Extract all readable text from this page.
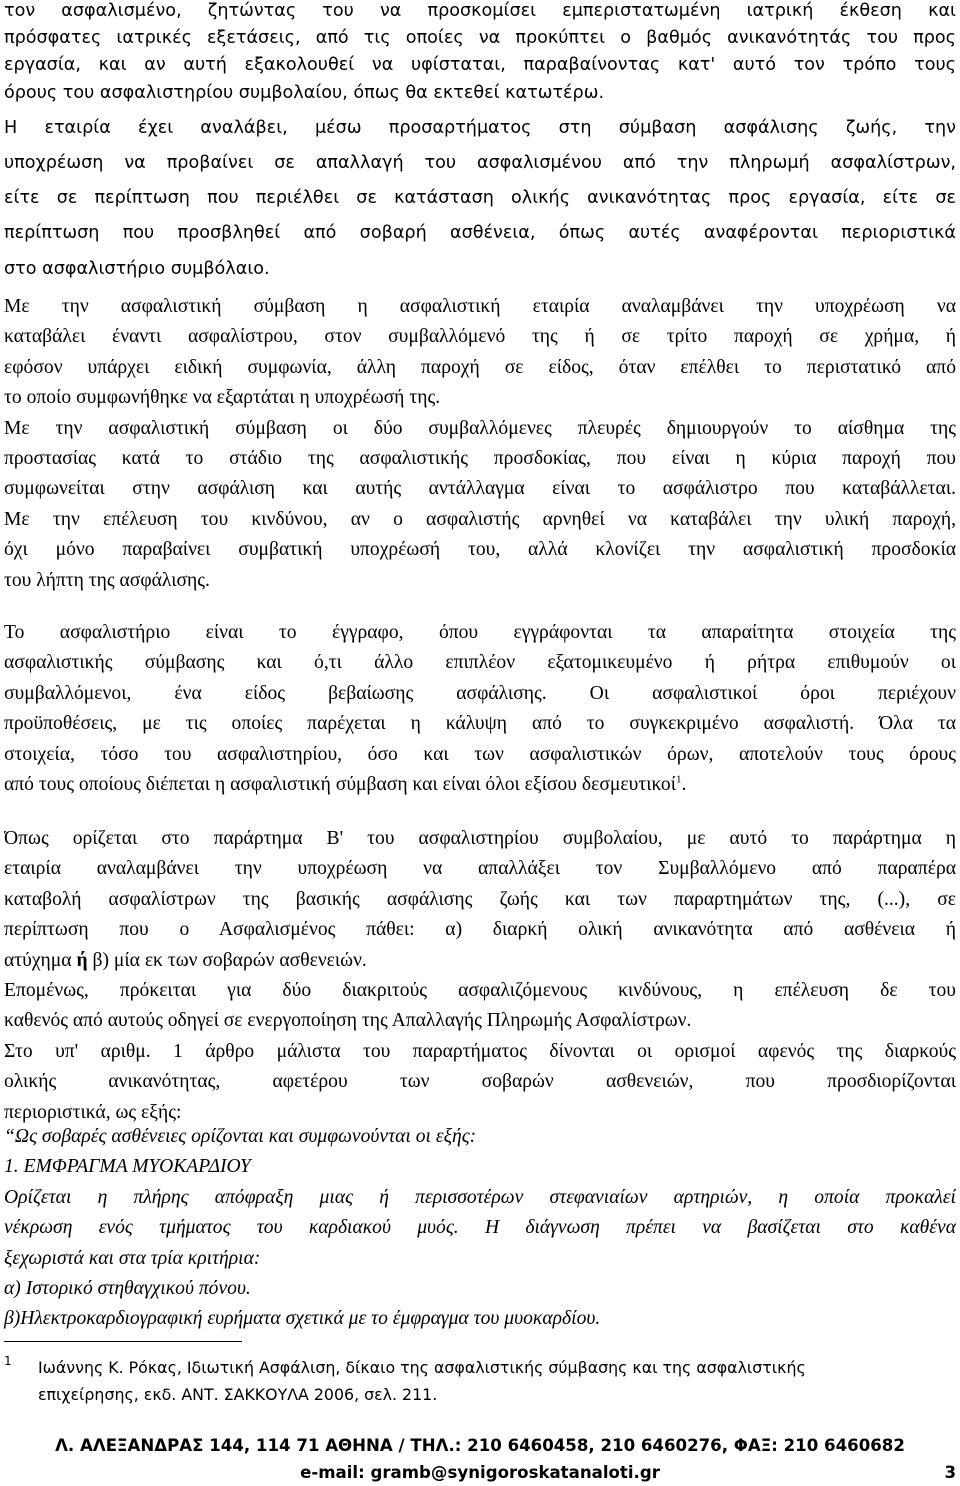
τον ασφαλισμένο, ζητώντας του να προσκομίσει εμπεριστατωμένη ιατρική έκθεση και
πρόσφατες ιατρικές εξετάσεις, από τις οποίες να προκύπτει ο βαθμός ανικανότητάς του προς
εργασία, και αν αυτή εξακολουθεί να υφίσταται, παραβαίνοντας κατ' αυτό τον τρόπο τους
όρους του ασφαλιστηρίου συμβολαίου, όπως θα εκτεθεί κατωτέρω.
Η εταιρία έχει αναλάβει, μέσω προσαρτήματος στη σύμβαση ασφάλισης ζωής, την
υποχρέωση να προβαίνει σε απαλλαγή του ασφαλισμένου από την πληρωμή ασφαλίστρων,
είτε σε περίπτωση που περιέλθει σε κατάσταση ολικής ανικανότητας προς εργασία, είτε σε
περίπτωση που προσβληθεί από σοβαρή ασθένεια, όπως αυτές αναφέρονται περιοριστικά
στο ασφαλιστήριο συμβόλαιο.
Με την ασφαλιστική σύμβαση η ασφαλιστική εταιρία αναλαμβάνει την υποχρέωση να
καταβάλει έναντι ασφαλίστρου, στον συμβαλλόμενό της ή σε τρίτο παροχή σε χρήμα, ή
εφόσον υπάρχει ειδική συμφωνία, άλλη παροχή σε είδος, όταν επέλθει το περιστατικό από
το οποίο συμφωνήθηκε να εξαρτάται η υποχρέωσή της.
Με την ασφαλιστική σύμβαση οι δύο συμβαλλόμενες πλευρές δημιουργούν το αίσθημα της
προστασίας κατά το στάδιο της ασφαλιστικής προσδοκίας, που είναι η κύρια παροχή που
συμφωνείται στην ασφάλιση και αυτής αντάλλαγμα είναι το ασφάλιστρο που καταβάλλεται.
Με την επέλευση του κινδύνου, αν ο ασφαλιστής αρνηθεί να καταβάλει την υλική παροχή,
όχι μόνο παραβαίνει συμβατική υποχρέωσή του, αλλά κλονίζει την ασφαλιστική προσδοκία
του λήπτη της ασφάλισης.
Το ασφαλιστήριο είναι το έγγραφο, όπου εγγράφονται τα απαραίτητα στοιχεία της
ασφαλιστικής σύμβασης και ό,τι άλλο επιπλέον εξατομικευμένο ή ρήτρα επιθυμούν οι
συμβαλλόμενοι, ένα είδος βεβαίωσης ασφάλισης. Οι ασφαλιστικοί όροι περιέχουν
προϋποθέσεις, με τις οποίες παρέχεται η κάλυψη από το συγκεκριμένο ασφαλιστή. Όλα τα
στοιχεία, τόσο του ασφαλιστηρίου, όσο και των ασφαλιστικών όρων, αποτελούν τους όρους
από τους οποίους διέπεται η ασφαλιστική σύμβαση και είναι όλοι εξίσου δεσμευτικοί$^1$.
Όπως ορίζεται στο παράρτημα Β' του ασφαλιστηρίου συμβολαίου, με αυτό το παράρτημα η
εταιρία αναλαμβάνει την υποχρέωση να απαλλάξει τον Συμβαλλόμενο από παραπέρα
καταβολή ασφαλίστρων της βασικής ασφάλισης ζωής και των παραρτημάτων της, (...), σε
περίπτωση που ο Ασφαλισμένος πάθει: α) διαρκή ολική ανικανότητα από ασθένεια ή
ατύχημα ή β) μία εκ των σοβαρών ασθενειών.
Επομένως, πρόκειται για δύο διακριτούς ασφαλιζόμενους κινδύνους, η επέλευση δε του
καθενός από αυτούς οδηγεί σε ενεργοποίηση της Απαλλαγής Πληρωμής Ασφαλίστρων.
Στο υπ' αριθμ. 1 άρθρο μάλιστα του παραρτήματος δίνονται οι ορισμοί αφενός της διαρκούς
ολικής ανικανότητας, αφετέρου των σοβαρών ασθενειών, που προσδιορίζονται
περιοριστικά, ως εξής:
“Ως σοβαρές ασθένειες ορίζονται και συμφωνούνται οι εξής:
1. ΕΜΦΡΑΓΜΑ ΜΥΟΚΑΡΔΙΟΥ
Ορίζεται η πλήρης απόφραξη μιας ή περισσοτέρων στεφανιαίων αρτηριών, η οποία προκαλεί
νέκρωση ενός τμήματος του καρδιακού μυός. Η διάγνωση πρέπει να βασίζεται στο καθένα
ξεχωριστά και στα τρία κριτήρια:
α) Ιστορικό στηθαγχικού πόνου.
β)Ηλεκτροκαρδιογραφική ευρήματα σχετικά με το έμφραγμα του μυοκαρδίου.
1 Ιωάννης Κ. Ρόκας, Ιδιωτική Ασφάλιση, δίκαιο της ασφαλιστικής σύμβασης και της ασφαλιστικής
επιχείρησης, εκδ. ΑΝΤ. ΣΑΚΚΟΥΛΑ 2006, σελ. 211.
Λ. ΑΛΕΞΑΝΔΡΑΣ 144, 114 71 ΑΘΗΝΑ / ΤΗΛ.: 210 6460458, 210 6460276, ΦΑΞ: 210 6460682
e-mail: gramb@synigoroskatanaloti.gr	3
